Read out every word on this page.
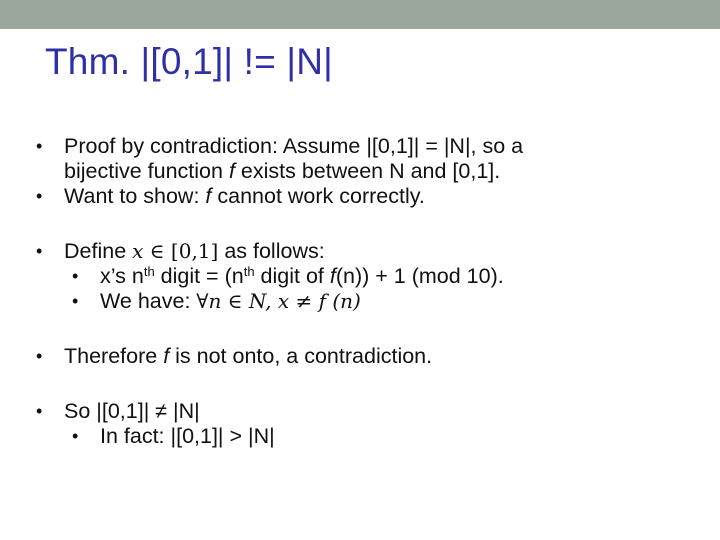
Thm. |[0,1]| != |N|
• Proof by contradiction: Assume |[0,1]| = |N|, so a
bijective function f exists between N and [0,1].
• Want to show: f cannot work correctly.
• Define x ∈ [0,1] as follows:
• x’s $n^{th}$ digit = ($n^{th}$ digit of f(n)) + 1 (mod 10).
• We have: ∀n ∈ N, x ≠ f (n)
• Therefore f is not onto, a contradiction.
• So |[0,1]| ≠ |N|
• In fact: |[0,1]| > |N|
